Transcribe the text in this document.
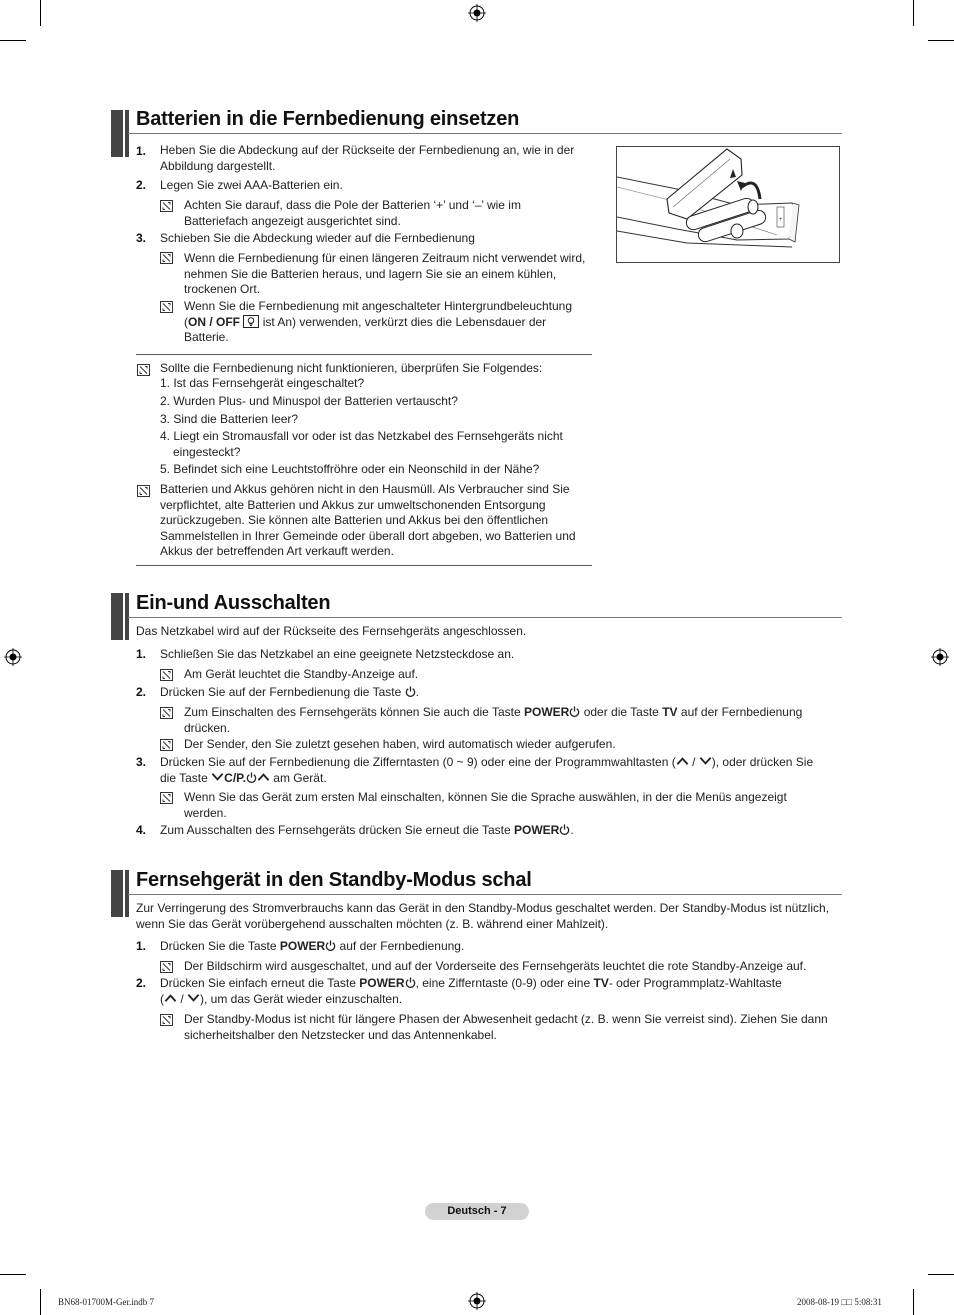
Batterien in die Fernbedienung einsetzen
1. Heben Sie die Abdeckung auf der Rückseite der Fernbedienung an, wie in der Abbildung dargestellt.
2. Legen Sie zwei AAA-Batterien ein.
Achten Sie darauf, dass die Pole der Batterien ‘+’ und ‘–’ wie im Batteriefach angezeigt ausgerichtet sind.
3. Schieben Sie die Abdeckung wieder auf die Fernbedienung
Wenn die Fernbedienung für einen längeren Zeitraum nicht verwendet wird, nehmen Sie die Batterien heraus, und lagern Sie sie an einem kühlen, trockenen Ort.
Wenn Sie die Fernbedienung mit angeschalteter Hintergrundbeleuchtung (ON / OFF ist An) verwenden, verkürzt dies die Lebensdauer der Batterie.
+
Sollte die Fernbedienung nicht funktionieren, überprüfen Sie Folgendes:
1. Ist das Fernsehgerät eingeschaltet?
2. Wurden Plus- und Minuspol der Batterien vertauscht?
3. Sind die Batterien leer?
4. Liegt ein Stromausfall vor oder ist das Netzkabel des Fernsehgeräts nicht
eingesteckt?
5. Befindet sich eine Leuchtstoffröhre oder ein Neonschild in der Nähe?
Batterien und Akkus gehören nicht in den Hausmüll. Als Verbraucher sind Sie verpflichtet, alte Batterien und Akkus zur umweltschonenden Entsorgung zurückzugeben. Sie können alte Batterien und Akkus bei den öffentlichen Sammelstellen in Ihrer Gemeinde oder überall dort abgeben, wo Batterien und Akkus der betreffenden Art verkauft werden.
Ein-und Ausschalten
Das Netzkabel wird auf der Rückseite des Fernsehgeräts angeschlossen.
1. Schließen Sie das Netzkabel an eine geeignete Netzsteckdose an.
Am Gerät leuchtet die Standby-Anzeige auf.
2. Drücken Sie auf der Fernbedienung die Taste .
Zum Einschalten des Fernsehgeräts können Sie auch die Taste POWER oder die Taste TV auf der Fernbedienung drücken.
Der Sender, den Sie zuletzt gesehen haben, wird automatisch wieder aufgerufen.
3. Drücken Sie auf der Fernbedienung die Zifferntasten (0 ~ 9) oder eine der Programmwahltasten ( / ), oder drücken Sie
die Taste C/P. am Gerät.
Wenn Sie das Gerät zum ersten Mal einschalten, können Sie die Sprache auswählen, in der die Menüs angezeigt werden.
4. Zum Ausschalten des Fernsehgeräts drücken Sie erneut die Taste POWER .
Fernsehgerät in den Standby-Modus schal
Zur Verringerung des Stromverbrauchs kann das Gerät in den Standby-Modus geschaltet werden. Der Standby-Modus ist nützlich, wenn Sie das Gerät vorübergehend ausschalten möchten (z. B. während einer Mahlzeit).
1. Drücken Sie die Taste POWER auf der Fernbedienung.
Der Bildschirm wird ausgeschaltet, und auf der Vorderseite des Fernsehgeräts leuchtet die rote Standby-Anzeige auf.
2. Drücken Sie einfach erneut die Taste POWER , eine Zifferntaste (0-9) oder eine TV- oder Programmplatz-Wahltaste
( / ), um das Gerät wieder einzuschalten.
Der Standby-Modus ist nicht für längere Phasen der Abwesenheit gedacht (z. B. wenn Sie verreist sind). Ziehen Sie dann sicherheitshalber den Netzstecker und das Antennenkabel.
Deutsch - 7
BN68-01700M-Ger.indb 7	2008-08-19 □□ 5:08:31
